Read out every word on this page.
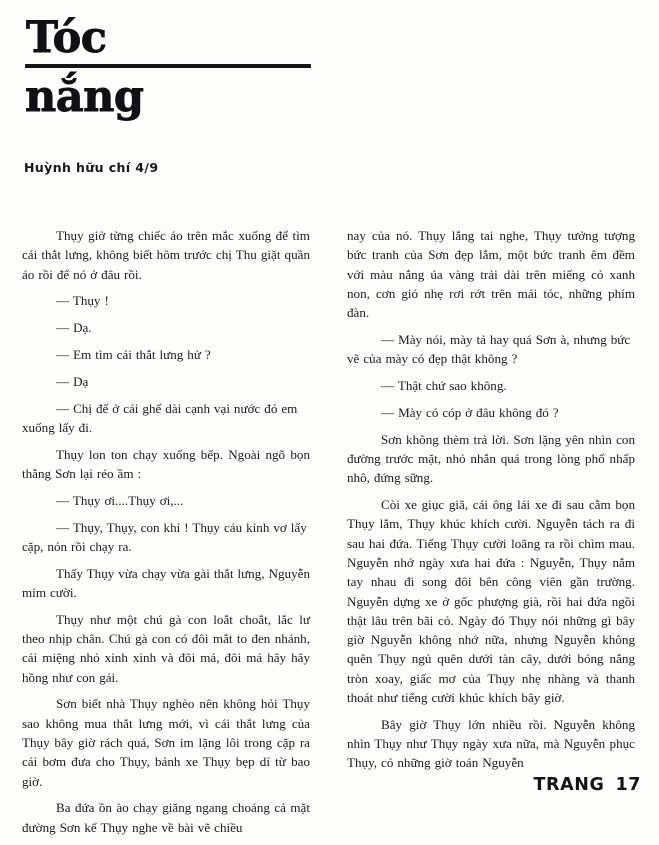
Tóc
nắng
Huỳnh hữu chí 4/9

Thụy giở từng chiếc áo trên mắc xuống để tìm cái thắt lưng, không biết hôm trước chị Thu giặt quần áo rồi để nó ở đâu rồi.

— Thụy !

— Dạ.

— Em tìm cái thắt lưng hử ?

— Dạ

— Chị để ở cái ghế dài cạnh vại nước đó em xuống lấy đi.

Thụy lon ton chạy xuống bếp. Ngoài ngõ bọn thằng Sơn lại réo ầm :

— Thụy ơi....Thụy ơi,...

— Thụy, Thụy, con khỉ ! Thụy cáu kỉnh vơ lấy cặp, nón rồi chạy ra.

Thấy Thụy vừa chạy vừa gài thắt lưng, Nguyễn mỉm cười.

Thụy như một chú gà con loắt choắt, lắc lư theo nhịp chân. Chú gà con có đôi mắt to đen nhánh, cái miệng nhỏ xinh xinh và đôi má, đôi má hây hây hồng như con gái.

Sơn biết nhà Thụy nghèo nên không hỏi Thụy sao không mua thắt lưng mới, vì cái thắt lưng của Thụy bây giờ rách quá, Sơn im lặng lôi trong cặp ra cái bơm đưa cho Thụy, bánh xe Thụy bẹp dí từ bao giờ.

Ba đứa ồn ào chạy giăng ngang choáng cả mặt đường Sơn kể Thụy nghe về bài vẽ chiều

nay của nó. Thụy lắng tai nghe, Thụy tưởng tượng bức tranh của Sơn đẹp lắm, một bức tranh êm đềm với màu nắng úa vàng trải dài trên miếng cỏ xanh non, cơn gió nhẹ rơi rớt trên mái tóc, những phím đàn.

— Mày nói, mày tả hay quá Sơn à, nhưng bức vẽ của mày có đẹp thật không ?

— Thật chứ sao không.

— Mày có cóp ở đâu không đó ?

Sơn không thèm trả lời. Sơn lặng yên nhìn con đường trước mặt, nhỏ nhắn quá trong lòng phố nhấp nhô, đứng sững.

Còi xe giục giã, cái ông lái xe đi sau cằm bọn Thụy lắm, Thụy khúc khích cười. Nguyễn tách ra đi sau hai đứa. Tiếng Thụy cười loãng ra rồi chìm mau. Nguyễn nhớ ngày xưa hai đứa : Nguyễn, Thụy nắm tay nhau đi song đôi bên công viên gần trường. Nguyễn dựng xe ở gốc phượng già, rồi hai đứa ngồi thật lâu trên bãi cỏ. Ngày đó Thụy nói những gì bây giờ Nguyễn không nhớ nữa, nhưng Nguyễn không quên Thụy ngủ quên dưới tàn cây, dưới bóng nắng tròn xoay, giấc mơ của Thụy nhẹ nhàng và thanh thoát như tiếng cười khúc khích bây giờ.

Bây giờ Thụy lớn nhiều rồi. Nguyễn không nhìn Thụy như Thụy ngày xưa nữa, mà Nguyễn phục Thụy, có những giờ toán Nguyễn

TRANG 17
